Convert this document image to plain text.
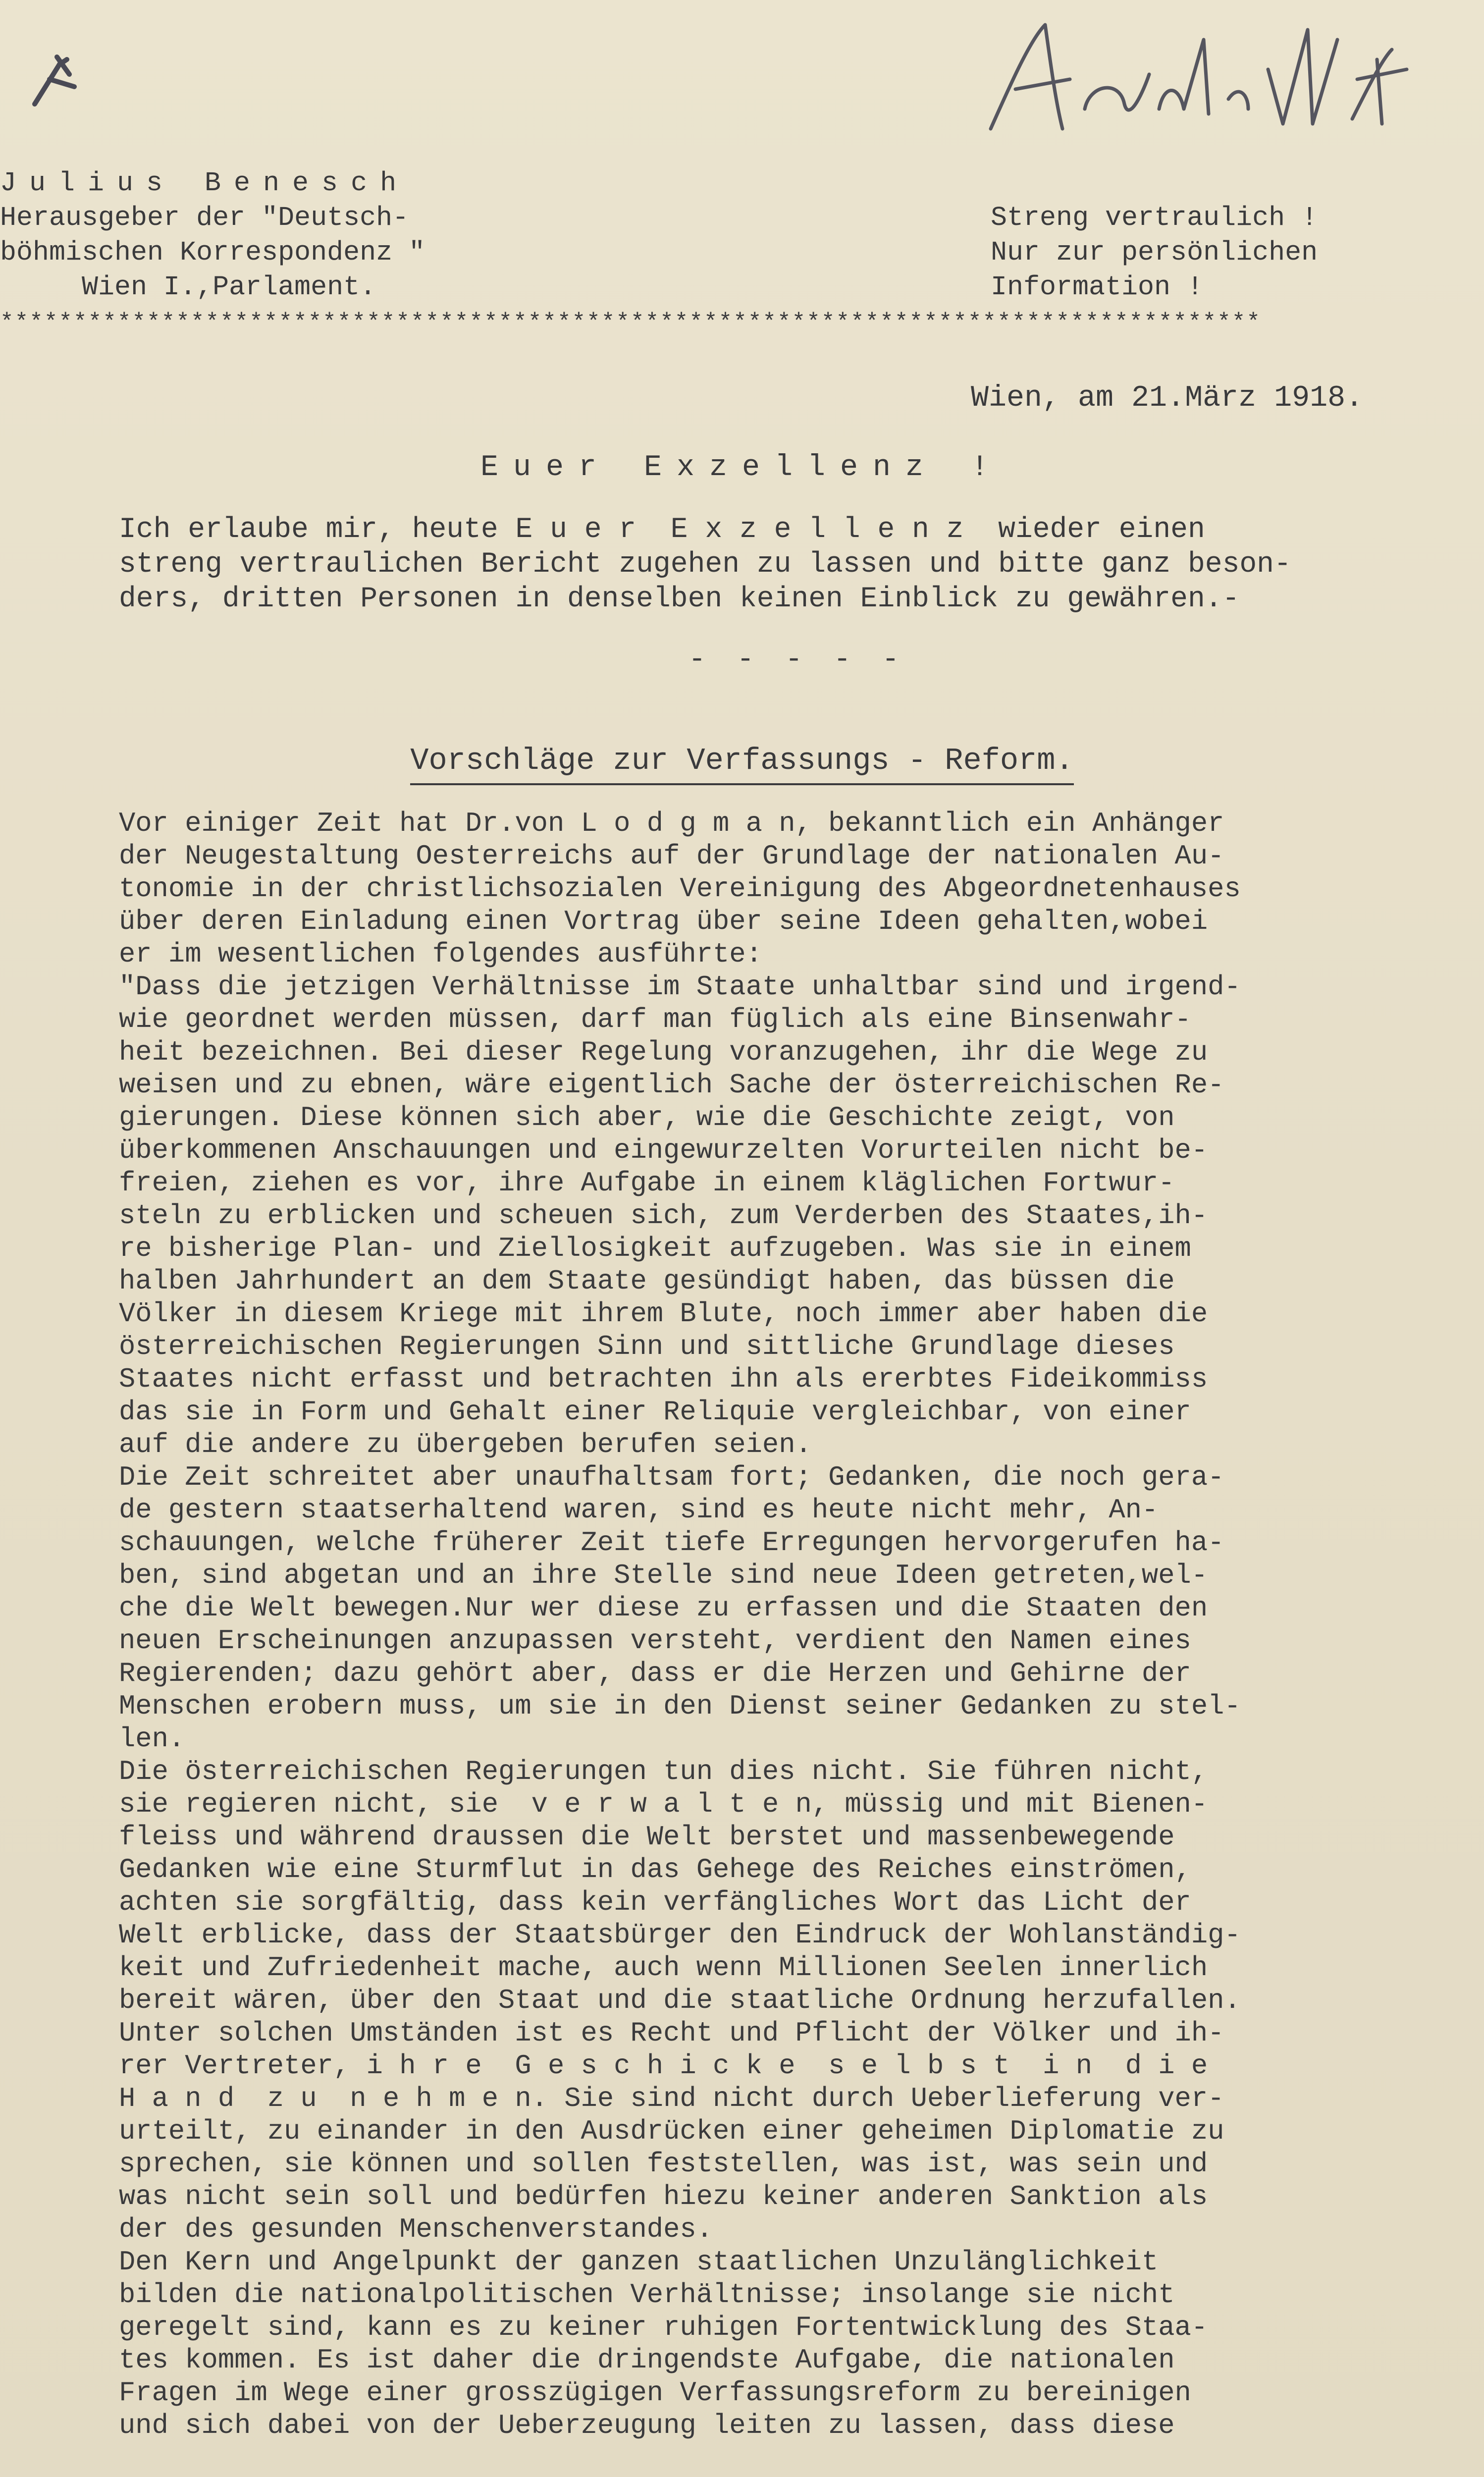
Julius Benesch
Herausgeber der "Deutsch-
böhmischen Korrespondenz "
Wien I.,Parlament.
Streng vertraulich !
Nur zur persönlichen
Information !
**************************************************************************************
Wien, am 21.März 1918.
Euer Exzellenz !
Ich erlaube mir, heute E u e r  E x z e l l e n z  wieder einen
streng vertraulichen Bericht zugehen zu lassen und bitte ganz beson-
ders, dritten Personen in denselben keinen Einblick zu gewähren.-
- - - - -
Vorschläge zur Verfassungs - Reform.
Vor einiger Zeit hat Dr.von L o d g m a n, bekanntlich ein Anhänger
der Neugestaltung Oesterreichs auf der Grundlage der nationalen Au-
tonomie in der christlichsozialen Vereinigung des Abgeordnetenhauses
über deren Einladung einen Vortrag über seine Ideen gehalten,wobei
er im wesentlichen folgendes ausführte:
"Dass die jetzigen Verhältnisse im Staate unhaltbar sind und irgend-
wie geordnet werden müssen, darf man füglich als eine Binsenwahr-
heit bezeichnen. Bei dieser Regelung voranzugehen, ihr die Wege zu
weisen und zu ebnen, wäre eigentlich Sache der österreichischen Re-
gierungen. Diese können sich aber, wie die Geschichte zeigt, von
überkommenen Anschauungen und eingewurzelten Vorurteilen nicht be-
freien, ziehen es vor, ihre Aufgabe in einem kläglichen Fortwur-
steln zu erblicken und scheuen sich, zum Verderben des Staates,ih-
re bisherige Plan- und Ziellosigkeit aufzugeben. Was sie in einem
halben Jahrhundert an dem Staate gesündigt haben, das büssen die
Völker in diesem Kriege mit ihrem Blute, noch immer aber haben die
österreichischen Regierungen Sinn und sittliche Grundlage dieses
Staates nicht erfasst und betrachten ihn als ererbtes Fideikommiss
das sie in Form und Gehalt einer Reliquie vergleichbar, von einer
auf die andere zu übergeben berufen seien.
Die Zeit schreitet aber unaufhaltsam fort; Gedanken, die noch gera-
de gestern staatserhaltend waren, sind es heute nicht mehr, An-
schauungen, welche früherer Zeit tiefe Erregungen hervorgerufen ha-
ben, sind abgetan und an ihre Stelle sind neue Ideen getreten,wel-
che die Welt bewegen.Nur wer diese zu erfassen und die Staaten den
neuen Erscheinungen anzupassen versteht, verdient den Namen eines
Regierenden; dazu gehört aber, dass er die Herzen und Gehirne der
Menschen erobern muss, um sie in den Dienst seiner Gedanken zu stel-
len.
Die österreichischen Regierungen tun dies nicht. Sie führen nicht,
sie regieren nicht, sie  v e r w a l t e n, müssig und mit Bienen-
fleiss und während draussen die Welt berstet und massenbewegende
Gedanken wie eine Sturmflut in das Gehege des Reiches einströmen,
achten sie sorgfältig, dass kein verfängliches Wort das Licht der
Welt erblicke, dass der Staatsbürger den Eindruck der Wohlanständig-
keit und Zufriedenheit mache, auch wenn Millionen Seelen innerlich
bereit wären, über den Staat und die staatliche Ordnung herzufallen.
Unter solchen Umständen ist es Recht und Pflicht der Völker und ih-
rer Vertreter, i h r e  G e s c h i c k e  s e l b s t  i n  d i e
H a n d  z u  n e h m e n. Sie sind nicht durch Ueberlieferung ver-
urteilt, zu einander in den Ausdrücken einer geheimen Diplomatie zu
sprechen, sie können und sollen feststellen, was ist, was sein und
was nicht sein soll und bedürfen hiezu keiner anderen Sanktion als
der des gesunden Menschenverstandes.
Den Kern und Angelpunkt der ganzen staatlichen Unzulänglichkeit
bilden die nationalpolitischen Verhältnisse; insolange sie nicht
geregelt sind, kann es zu keiner ruhigen Fortentwicklung des Staa-
tes kommen. Es ist daher die dringendste Aufgabe, die nationalen
Fragen im Wege einer grosszügigen Verfassungsreform zu bereinigen
und sich dabei von der Ueberzeugung leiten zu lassen, dass diese
